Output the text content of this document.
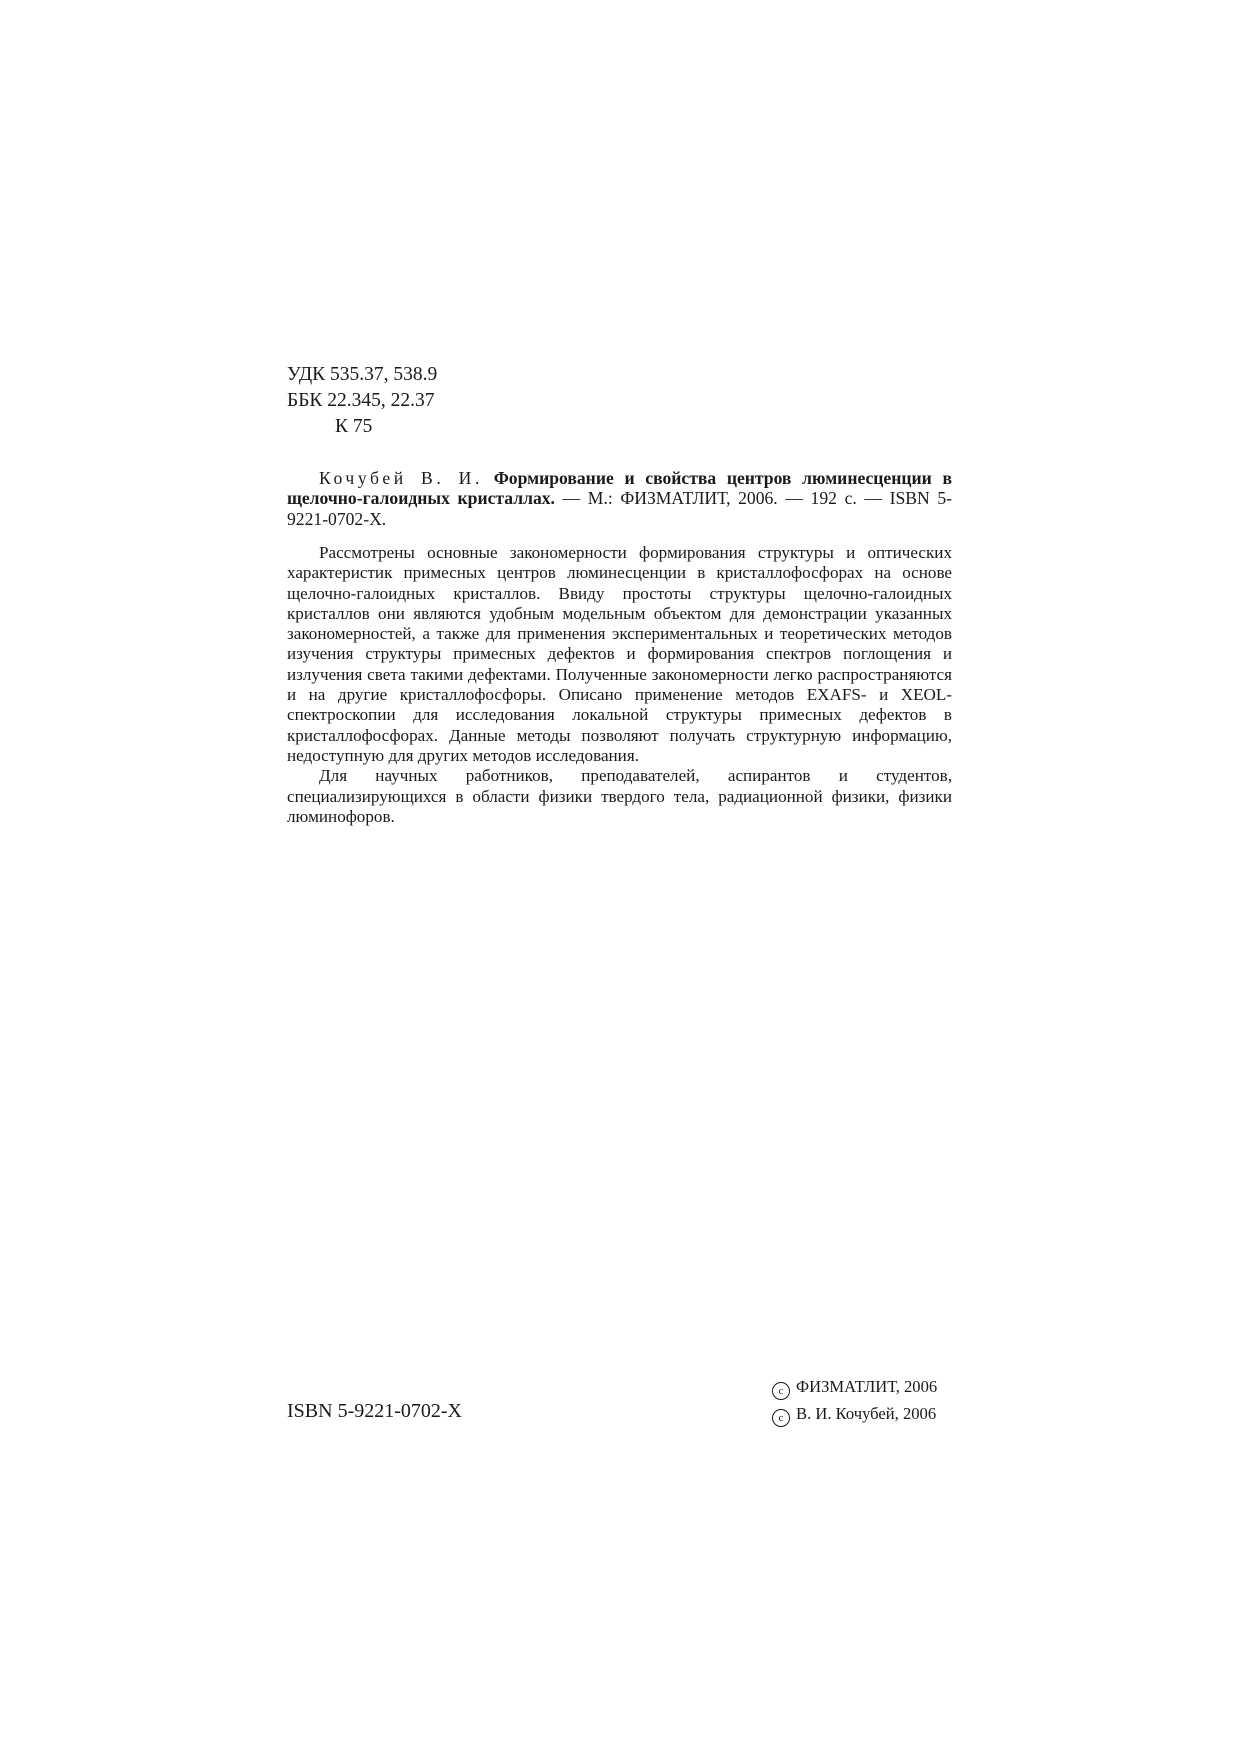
УДК 535.37, 538.9
ББК 22.345, 22.37
К 75
Кочубей В. И. Формирование и свойства центров люминесценции в щелочно-галоидных кристаллах. — М.: ФИЗМАТЛИТ, 2006. — 192 с. — ISBN 5-9221-0702-X.

Рассмотрены основные закономерности формирования структуры и оптических характеристик примесных центров люминесценции в кристаллофосфорах на основе щелочно-галоидных кристаллов. Ввиду простоты структуры щелочно-галоидных кристаллов они являются удобным модельным объектом для демонстрации указанных закономерностей, а также для применения экспериментальных и теоретических методов изучения структуры примесных дефектов и формирования спектров поглощения и излучения света такими дефектами. Полученные закономерности легко распространяются и на другие кристаллофосфоры. Описано применение методов EXAFS- и XEOL-спектроскопии для исследования локальной структуры примесных дефектов в кристаллофосфорах. Данные методы позволяют получать структурную информацию, недоступную для других методов исследования.

Для научных работников, преподавателей, аспирантов и студентов, специализирующихся в области физики твердого тела, радиационной физики, физики люминофоров.

ISBN 5-9221-0702-X
c ФИЗМАТЛИТ, 2006
c В. И. Кочубей, 2006
